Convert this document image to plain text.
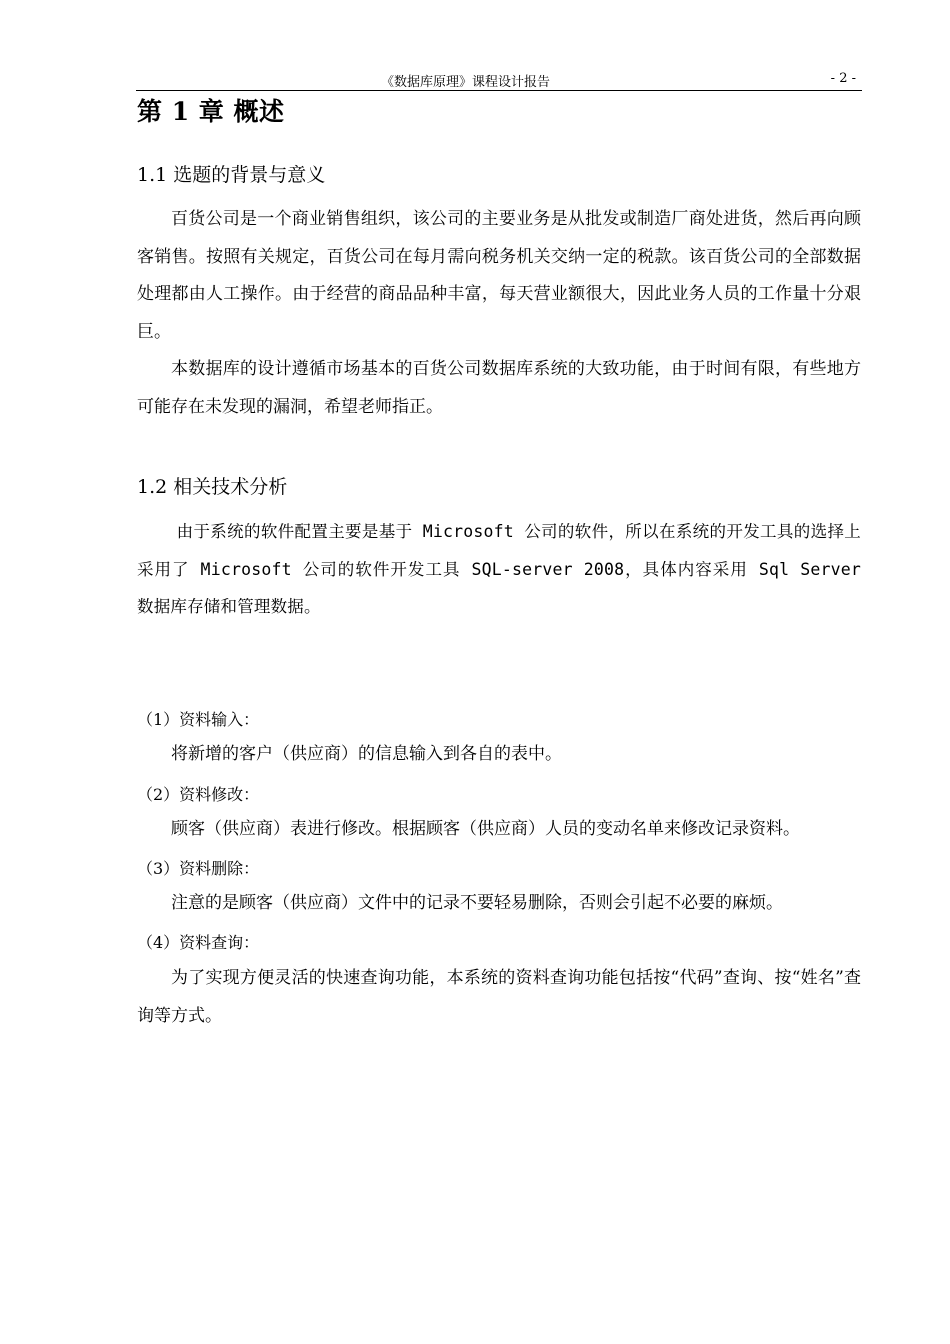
《数据库原理》课程设计报告	- 2 -
第 1 章 概述
1.1 选题的背景与意义

百货公司是一个商业销售组织，该公司的主要业务是从批发或制造厂商处进货，然后再向顾客销售。按照有关规定，百货公司在每月需向税务机关交纳一定的税款。该百货公司的全部数据处理都由人工操作。由于经营的商品品种丰富，每天营业额很大，因此业务人员的工作量十分艰巨。

本数据库的设计遵循市场基本的百货公司数据库系统的大致功能，由于时间有限，有些地方可能存在未发现的漏洞，希望老师指正。

1.2 相关技术分析

由于系统的软件配置主要是基于 Microsoft 公司的软件，所以在系统的开发工具的选择上采用了 Microsoft 公司的软件开发工具 SQL-server 2008，具体内容采用 Sql Server 数据库存储和管理数据。

（1）资料输入：

将新增的客户（供应商）的信息输入到各自的表中。

（2）资料修改：

顾客（供应商）表进行修改。根据顾客（供应商）人员的变动名单来修改记录资料。

（3）资料删除：

注意的是顾客（供应商）文件中的记录不要轻易删除，否则会引起不必要的麻烦。

（4）资料查询：

为了实现方便灵活的快速查询功能，本系统的资料查询功能包括按“代码”查询、按“姓名”查询等方式。
